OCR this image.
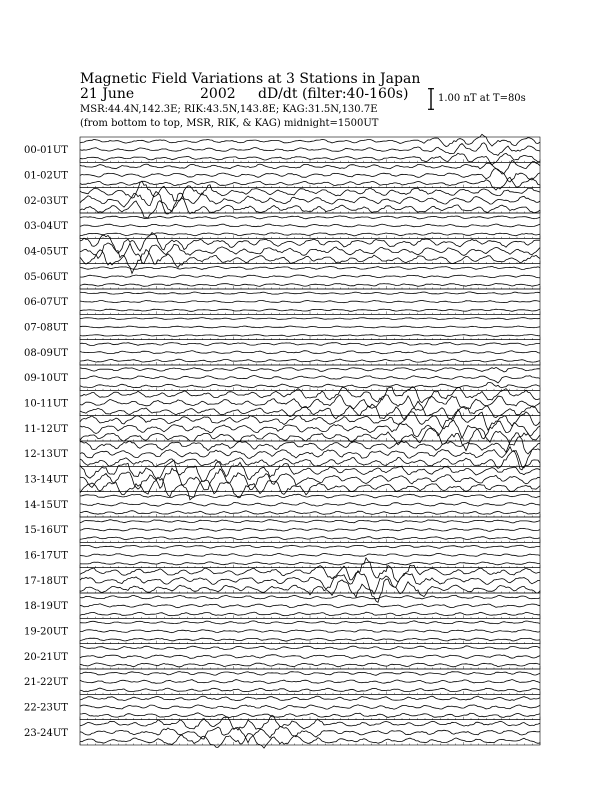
Magnetic Field Variations at 3 Stations in Japan
21 June	2002 dD/dt (filter:40-160s)
MSR:44.4N,142.3E; RIK:43.5N,143.8E; KAG:31.5N,130.7E
(from bottom to top, MSR, RIK, & KAG) midnight=1500UT
1.00 nT at T=80s
00-01UT
01-02UT
02-03UT
03-04UT
04-05UT
05-06UT
06-07UT
07-08UT
08-09UT
09-10UT
10-11UT
11-12UT
12-13UT
13-14UT
14-15UT
15-16UT
16-17UT
17-18UT
18-19UT
19-20UT
20-21UT
21-22UT
22-23UT
23-24UT
